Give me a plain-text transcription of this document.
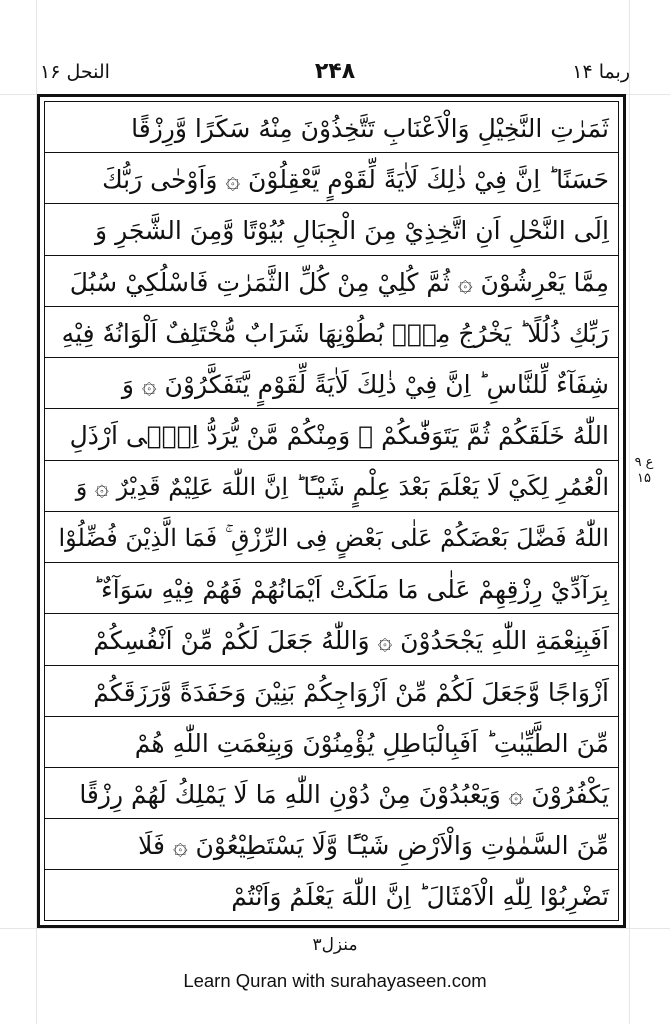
ربما ۱۴
۲۴۸
النحل ۱۶
ثَمَرٰتِ النَّخِيْلِ وَالْاَعْنَابِ تَتَّخِذُوْنَ مِنْهُ سَكَرًا وَّرِزْقًا
حَسَنًا ؕ اِنَّ فِيْ ذٰلِكَ لَاٰيَةً لِّقَوْمٍ يَّعْقِلُوْنَ ۞ وَاَوْحٰى رَبُّكَ
اِلَى النَّحْلِ اَنِ اتَّخِذِيْ مِنَ الْجِبَالِ بُيُوْتًا وَّمِنَ الشَّجَرِ وَ
مِمَّا يَعْرِشُوْنَ ۞ ثُمَّ كُلِيْ مِنْ كُلِّ الثَّمَرٰتِ فَاسْلُكِيْ سُبُلَ
رَبِّكِ ذُلُلًا ؕ يَخْرُجُ مِنْۢ بُطُوْنِهَا شَرَابٌ مُّخْتَلِفٌ اَلْوَانُهٗ فِيْهِ
شِفَآءٌ لِّلنَّاسِ ؕ اِنَّ فِيْ ذٰلِكَ لَاٰيَةً لِّقَوْمٍ يَّتَفَكَّرُوْنَ ۞ وَ
اللّٰهُ خَلَقَكُمْ ثُمَّ يَتَوَفّٰىكُمْ ۙ وَمِنْكُمْ مَّنْ يُّرَدُّ اِلٰۤى اَرْذَلِ
الْعُمُرِ لِكَيْ لَا يَعْلَمَ بَعْدَ عِلْمٍ شَيْـًٔا ؕ اِنَّ اللّٰهَ عَلِيْمٌ قَدِيْرٌ ۞ وَ
اللّٰهُ فَضَّلَ بَعْضَكُمْ عَلٰى بَعْضٍ فِى الرِّزْقِ ۚ فَمَا الَّذِيْنَ فُضِّلُوْا
بِرَآدِّيْ رِزْقِهِمْ عَلٰى مَا مَلَكَتْ اَيْمَانُهُمْ فَهُمْ فِيْهِ سَوَآءٌ ؕ
اَفَبِنِعْمَةِ اللّٰهِ يَجْحَدُوْنَ ۞ وَاللّٰهُ جَعَلَ لَكُمْ مِّنْ اَنْفُسِكُمْ
اَزْوَاجًا وَّجَعَلَ لَكُمْ مِّنْ اَزْوَاجِكُمْ بَنِيْنَ وَحَفَدَةً وَّرَزَقَكُمْ
مِّنَ الطَّيِّبٰتِ ؕ اَفَبِالْبَاطِلِ يُؤْمِنُوْنَ وَبِنِعْمَتِ اللّٰهِ هُمْ
يَكْفُرُوْنَ ۞ وَيَعْبُدُوْنَ مِنْ دُوْنِ اللّٰهِ مَا لَا يَمْلِكُ لَهُمْ رِزْقًا
مِّنَ السَّمٰوٰتِ وَالْاَرْضِ شَيْـًٔا وَّلَا يَسْتَطِيْعُوْنَ ۞ فَلَا
تَضْرِبُوْا لِلّٰهِ الْاَمْثَالَ ؕ اِنَّ اللّٰهَ يَعْلَمُ وَاَنْتُمْ
ع ۹ ۱۵
منزل۳
Learn Quran with surahayaseen.com
